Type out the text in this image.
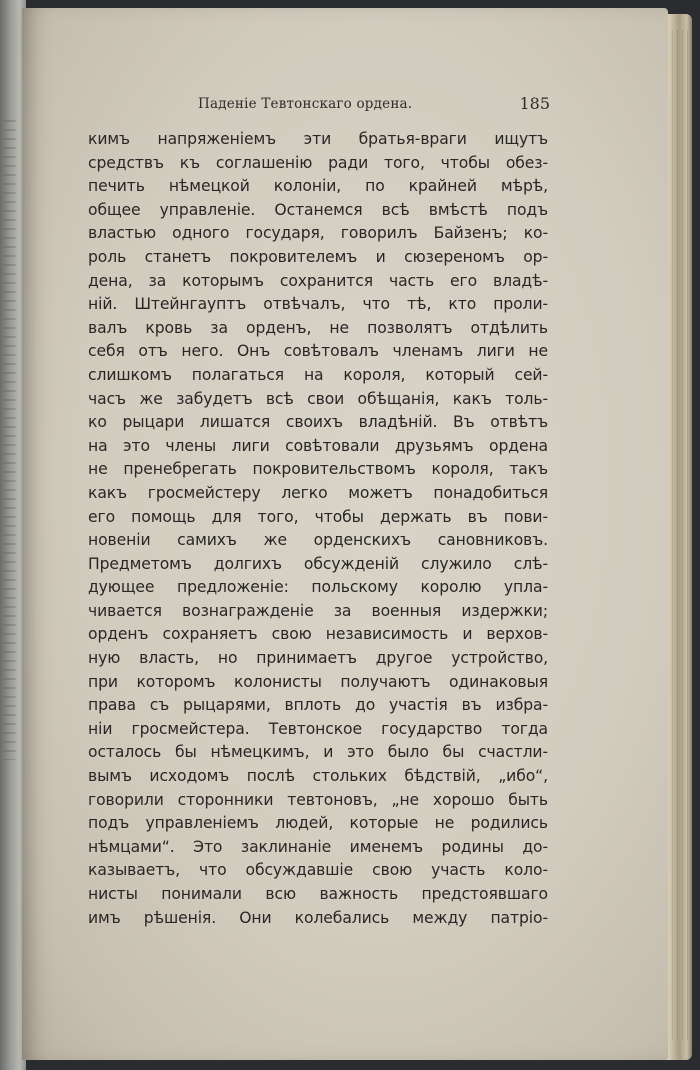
Паденіе Тевтонскаго ордена.	185
кимъ напряженіемъ эти братья-враги ищутъ
средствъ къ соглашенію ради того, чтобы обез-
печить нѣмецкой колоніи, по крайней мѣрѣ,
общее управленіе. Останемся всѣ вмѣстѣ подъ
властью одного государя, говорилъ Байзенъ; ко-
роль станетъ покровителемъ и сюзереномъ ор-
дена, за которымъ сохранится часть его владѣ-
ній. Штейнгауптъ отвѣчалъ, что тѣ, кто проли-
валъ кровь за орденъ, не позволятъ отдѣлить
себя отъ него. Онъ совѣтовалъ членамъ лиги не
слишкомъ полагаться на короля, который сей-
часъ же забудетъ всѣ свои обѣщанія, какъ толь-
ко рыцари лишатся своихъ владѣній. Въ отвѣтъ
на это члены лиги совѣтовали друзьямъ ордена
не пренебрегать покровительствомъ короля, такъ
какъ гросмейстеру легко можетъ понадобиться
его помощь для того, чтобы держать въ пови-
новеніи самихъ же орденскихъ сановниковъ.
Предметомъ долгихъ обсужденій служило слѣ-
дующее предложеніе: польскому королю упла-
чивается вознагражденіе за военныя издержки;
орденъ сохраняетъ свою независимость и верхов-
ную власть, но принимаетъ другое устройство,
при которомъ колонисты получаютъ одинаковыя
права съ рыцарями, вплоть до участія въ избра-
ніи гросмейстера. Тевтонское государство тогда
осталось бы нѣмецкимъ, и это было бы счастли-
вымъ исходомъ послѣ стольких бѣдствій, „ибо“,
говорили сторонники тевтоновъ, „не хорошо быть
подъ управленіемъ людей, которые не родились
нѣмцами“. Это заклинаніе именемъ родины до-
казываетъ, что обсуждавшіе свою участь коло-
нисты понимали всю важность предстоявшаго
имъ рѣшенія. Они колебались между патріо-
